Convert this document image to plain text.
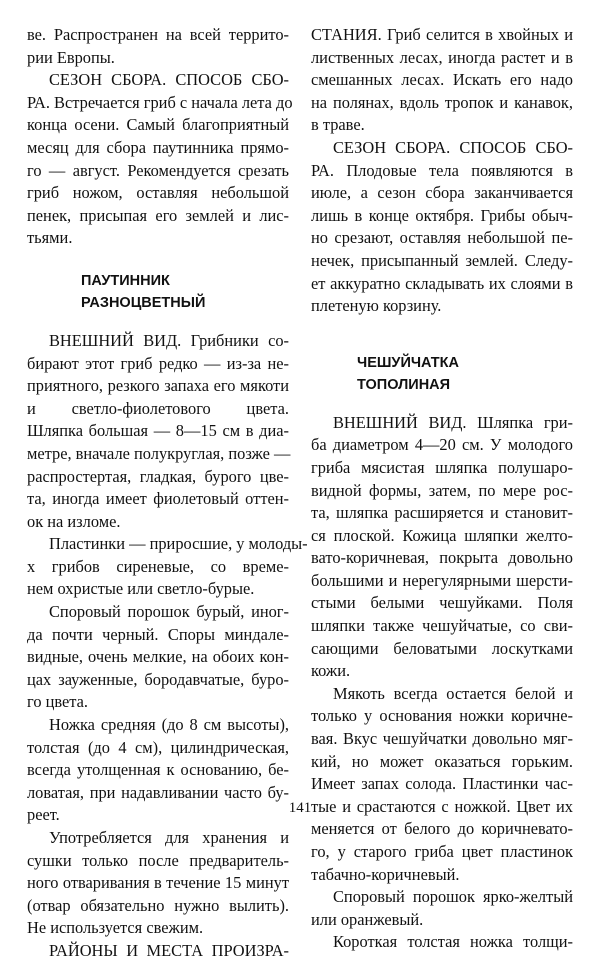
ве. Распространен на всей террито-
рии Европы.
СЕЗОН СБОРА. СПОСОБ СБО-
РА. Встречается гриб с начала лета до
конца осени. Самый благоприятный
месяц для сбора паутинника прямо-
го — август. Рекомендуется срезать
гриб ножом, оставляя небольшой
пенек, присыпая его землей и лис-
тьями.
ПАУТИННИК
РАЗНОЦВЕТНЫЙ
ВНЕШНИЙ ВИД. Грибники со-
бирают этот гриб редко — из-за не-
приятного, резкого запаха его мякоти
и светло-фиолетового цвета.
Шляпка большая — 8—15 см в диа-
метре, вначале полукруглая, позже —
распростертая, гладкая, бурого цве-
та, иногда имеет фиолетовый оттен-
ок на изломе.
Пластинки — приросшие, у молоды-
х грибов сиреневые, со време-
нем охристые или светло-бурые.
Споровый порошок бурый, иног-
да почти черный. Споры миндале-
видные, очень мелкие, на обоих кон-
цах зауженные, бородавчатые, буро-
го цвета.
Ножка средняя (до 8 см высоты),
толстая (до 4 см), цилиндрическая,
всегда утолщенная к основанию, бе-
ловатая, при надавливании часто бу-
реет.
Употребляется для хранения и
сушки только после предваритель-
ного отваривания в течение 15 минут
(отвар обязательно нужно вылить).
Не используется свежим.
РАЙОНЫ И МЕСТА ПРОИЗРА-
СТАНИЯ. Гриб селится в хвойных и
лиственных лесах, иногда растет и в
смешанных лесах. Искать его надо
на полянах, вдоль тропок и канавок,
в траве.
СЕЗОН СБОРА. СПОСОБ СБО-
РА. Плодовые тела появляются в
июле, а сезон сбора заканчивается
лишь в конце октября. Грибы обыч-
но срезают, оставляя небольшой пе-
нечек, присыпанный землей. Следу-
ет аккуратно складывать их слоями в
плетеную корзину.
ЧЕШУЙЧАТКА
ТОПОЛИНАЯ
ВНЕШНИЙ ВИД. Шляпка гри-
ба диаметром 4—20 см. У молодого
гриба мясистая шляпка полушаро-
видной формы, затем, по мере рос-
та, шляпка расширяется и становит-
ся плоской. Кожица шляпки желто-
вато-коричневая, покрыта довольно
большими и нерегулярными шерсти-
стыми белыми чешуйками. Поля
шляпки также чешуйчатые, со сви-
сающими беловатыми лоскутками
кожи.
Мякоть всегда остается белой и
только у основания ножки коричне-
вая. Вкус чешуйчатки довольно мяг-
кий, но может оказаться горьким.
Имеет запах солода. Пластинки час-
тые и срастаются с ножкой. Цвет их
меняется от белого до коричневато-
го, у старого гриба цвет пластинок
табачно-коричневый.
Споровый порошок ярко-желтый
или оранжевый.
Короткая толстая ножка толщи-
141
